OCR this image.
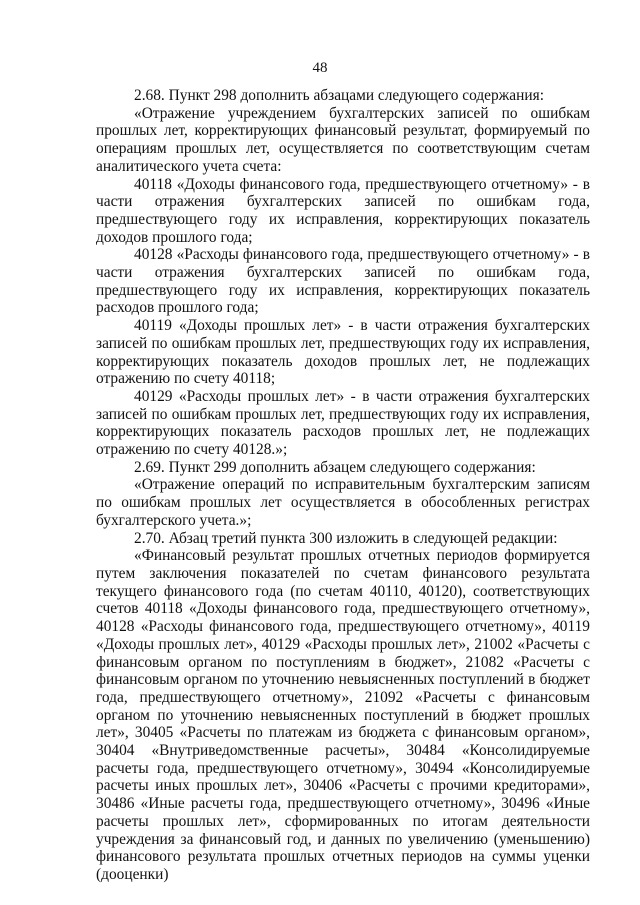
48

2.68. Пункт 298 дополнить абзацами следующего содержания:

«Отражение учреждением бухгалтерских записей по ошибкам прошлых лет, корректирующих финансовый результат, формируемый по операциям прошлых лет, осуществляется по соответствующим счетам аналитического учета счета:

40118 «Доходы финансового года, предшествующего отчетному» - в части отражения бухгалтерских записей по ошибкам года, предшествующего году их исправления, корректирующих показатель доходов прошлого года;

40128 «Расходы финансового года, предшествующего отчетному» - в части отражения бухгалтерских записей по ошибкам года, предшествующего году их исправления, корректирующих показатель расходов прошлого года;

40119 «Доходы прошлых лет» - в части отражения бухгалтерских записей по ошибкам прошлых лет, предшествующих году их исправления, корректирующих показатель доходов прошлых лет, не подлежащих отражению по счету 40118;

40129 «Расходы прошлых лет» - в части отражения бухгалтерских записей по ошибкам прошлых лет, предшествующих году их исправления, корректирующих показатель расходов прошлых лет, не подлежащих отражению по счету 40128.»;

2.69. Пункт 299 дополнить абзацем следующего содержания:

«Отражение операций по исправительным бухгалтерским записям по ошибкам прошлых лет осуществляется в обособленных регистрах бухгалтерского учета.»;

2.70. Абзац третий пункта 300 изложить в следующей редакции:

«Финансовый результат прошлых отчетных периодов формируется путем заключения показателей по счетам финансового результата текущего финансового года (по счетам 40110, 40120), соответствующих счетов 40118 «Доходы финансового года, предшествующего отчетному», 40128 «Расходы финансового года, предшествующего отчетному», 40119 «Доходы прошлых лет», 40129 «Расходы прошлых лет», 21002 «Расчеты с финансовым органом по поступлениям в бюджет», 21082 «Расчеты с финансовым органом по уточнению невыясненных поступлений в бюджет года, предшествующего отчетному», 21092 «Расчеты с финансовым органом по уточнению невыясненных поступлений в бюджет прошлых лет», 30405 «Расчеты по платежам из бюджета с финансовым органом», 30404 «Внутриведомственные расчеты», 30484 «Консолидируемые расчеты года, предшествующего отчетному», 30494 «Консолидируемые расчеты иных прошлых лет», 30406 «Расчеты с прочими кредиторами», 30486 «Иные расчеты года, предшествующего отчетному», 30496 «Иные расчеты прошлых лет», сформированных по итогам деятельности учреждения за финансовый год, и данных по увеличению (уменьшению) финансового результата прошлых отчетных периодов на суммы уценки (дооценки)
